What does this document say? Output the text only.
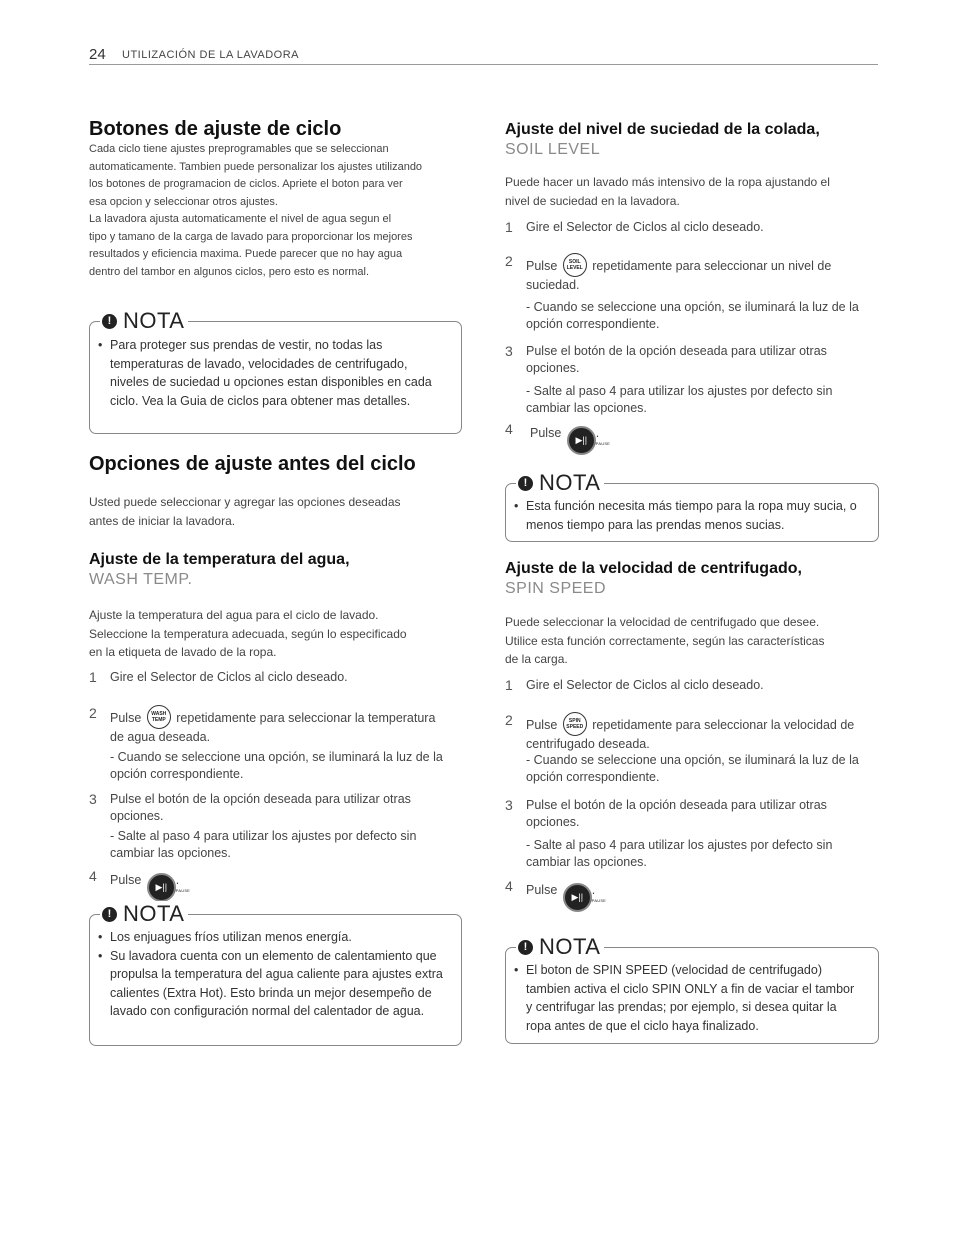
24 UTILIZACIÓN DE LA LAVADORA
Botones de ajuste de ciclo
Cada ciclo tiene ajustes preprogramables que se seleccionan
automaticamente. Tambien puede personalizar los ajustes utilizando
los botones de programacion de ciclos. Apriete el boton para ver
esa opcion y seleccionar otros ajustes.
La lavadora ajusta automaticamente el nivel de agua segun el
tipo y tamano de la carga de lavado para proporcionar los mejores
resultados y eficiencia maxima. Puede parecer que no hay agua
dentro del tambor en algunos ciclos, pero esto es normal.
! NOTA
• Para proteger sus prendas de vestir, no todas las temperaturas de lavado, velocidades de centrifugado, niveles de suciedad u opciones estan disponibles en cada ciclo. Vea la Guia de ciclos para obtener mas detalles.
Opciones de ajuste antes del ciclo
Usted puede seleccionar y agregar las opciones deseadas
antes de iniciar la lavadora.
Ajuste de la temperatura del agua,
WASH TEMP.
Ajuste la temperatura del agua para el ciclo de lavado.
Seleccione la temperatura adecuada, según lo especificado
en la etiqueta de lavado de la ropa.
1 Gire el Selector de Ciclos al ciclo deseado.
2 Pulse	WASH TEMP repetidamente para seleccionar la temperatura
de agua deseada.
- Cuando se seleccione una opción, se iluminará la luz de la opción correspondiente.
3 Pulse el botón de la opción deseada para utilizar otras opciones.
- Salte al paso 4 para utilizar los ajustes por defecto sin cambiar las opciones.
4 Pulse ▶|| . START/PAUSE
! NOTA
• Los enjuagues fríos utilizan menos energía.
• Su lavadora cuenta con un elemento de calentamiento que propulsa la temperatura del agua caliente para ajustes extra calientes (Extra Hot). Esto brinda un mejor desempeño de lavado con configuración normal del calentador de agua.
Ajuste del nivel de suciedad de la colada,
SOIL LEVEL
Puede hacer un lavado más intensivo de la ropa ajustando el
nivel de suciedad en la lavadora.
1 Gire el Selector de Ciclos al ciclo deseado.
2 Pulse	SOIL LEVEL repetidamente para seleccionar un nivel de
suciedad.
- Cuando se seleccione una opción, se iluminará la luz de la opción correspondiente.
3 Pulse el botón de la opción deseada para utilizar otras opciones.
- Salte al paso 4 para utilizar los ajustes por defecto sin cambiar las opciones.
4 Pulse ▶|| . START/PAUSE
! NOTA
• Esta función necesita más tiempo para la ropa muy sucia, o menos tiempo para las prendas menos sucias.
Ajuste de la velocidad de centrifugado,
SPIN SPEED
Puede seleccionar la velocidad de centrifugado que desee.
Utilice esta función correctamente, según las características
de la carga.
1 Gire el Selector de Ciclos al ciclo deseado.
2 Pulse	SPIN SPEED repetidamente para seleccionar la velocidad de
centrifugado deseada.
- Cuando se seleccione una opción, se iluminará la luz de la opción correspondiente.
3 Pulse el botón de la opción deseada para utilizar otras opciones.
- Salte al paso 4 para utilizar los ajustes por defecto sin cambiar las opciones.
4 Pulse ▶|| . START/PAUSE
! NOTA
• El boton de SPIN SPEED (velocidad de centrifugado) tambien activa el ciclo SPIN ONLY a fin de vaciar el tambor y centrifugar las prendas; por ejemplo, si desea quitar la ropa antes de que el ciclo haya finalizado.
